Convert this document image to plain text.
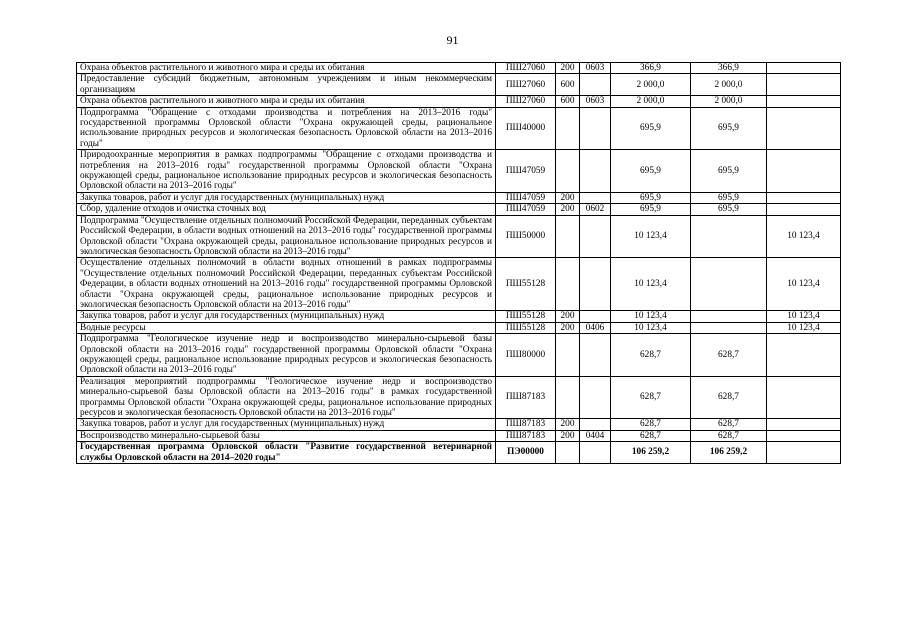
91
Охрана объектов растительного и животного мира и среды их обитания	ПШ27060	200	0603	366,9	366,9	
Предоставление субсидий бюджетным, автономным учреждениям и иным некоммерческим организациям	ПШ27060	600		2 000,0	2 000,0	
Охрана объектов растительного и животного мира и среды их обитания	ПШ27060	600	0603	2 000,0	2 000,0	
Подпрограмма "Обращение с отходами производства и потребления на 2013–2016 годы" государственной программы Орловской области "Охрана окружающей среды, рациональное использование природных ресурсов и экологическая безопасность Орловской области на 2013–2016 годы"	ПШ40000			695,9	695,9	
Природоохранные мероприятия в рамках подпрограммы "Обращение с отходами производства и потребления на 2013–2016 годы" государственной программы Орловской области "Охрана окружающей среды, рациональное использование природных ресурсов и экологическая безопасность Орловской области на 2013–2016 годы"	ПШ47059			695,9	695,9	
Закупка товаров, работ и услуг для государственных (муниципальных) нужд	ПШ47059	200		695,9	695,9	
Сбор, удаление отходов и очистка сточных вод	ПШ47059	200	0602	695,9	695,9	
Подпрограмма "Осуществление отдельных полномочий Российской Федерации, переданных субъектам Российской Федерации, в области водных отношений на 2013–2016 годы" государственной программы Орловской области "Охрана окружающей среды, рациональное использование природных ресурсов и экологическая безопасность Орловской области на 2013–2016 годы"	ПШ50000			10 123,4		10 123,4
Осуществление отдельных полномочий в области водных отношений в рамках подпрограммы "Осуществление отдельных полномочий Российской Федерации, переданных субъектам Российской Федерации, в области водных отношений на 2013–2016 годы" государственной программы Орловской области "Охрана окружающей среды, рациональное использование природных ресурсов и экологическая безопасность Орловской области на 2013–2016 годы"	ПШ55128			10 123,4		10 123,4
Закупка товаров, работ и услуг для государственных (муниципальных) нужд	ПШ55128	200		10 123,4		10 123,4
Водные ресурсы	ПШ55128	200	0406	10 123,4		10 123,4
Подпрограмма "Геологическое изучение недр и воспроизводство минерально-сырьевой базы Орловской области на 2013–2016 годы" государственной программы Орловской области "Охрана окружающей среды, рациональное использование природных ресурсов и экологическая безопасность Орловской области на 2013–2016 годы"	ПШ80000			628,7	628,7	
Реализация мероприятий подпрограммы "Геологическое изучение недр и воспроизводство минерально-сырьевой базы Орловской области на 2013–2016 годы" в рамках государственной программы Орловской области "Охрана окружающей среды, рациональное использование природных ресурсов и экологическая безопасность Орловской области на 2013–2016 годы"	ПШ87183			628,7	628,7	
Закупка товаров, работ и услуг для государственных (муниципальных) нужд	ПШ87183	200		628,7	628,7	
Воспроизводство минерально-сырьевой базы	ПШ87183	200	0404	628,7	628,7	
Государственная программа Орловской области "Развитие государственной ветеринарной службы Орловской области на 2014–2020 годы"	ПЭ00000			106 259,2	106 259,2	
